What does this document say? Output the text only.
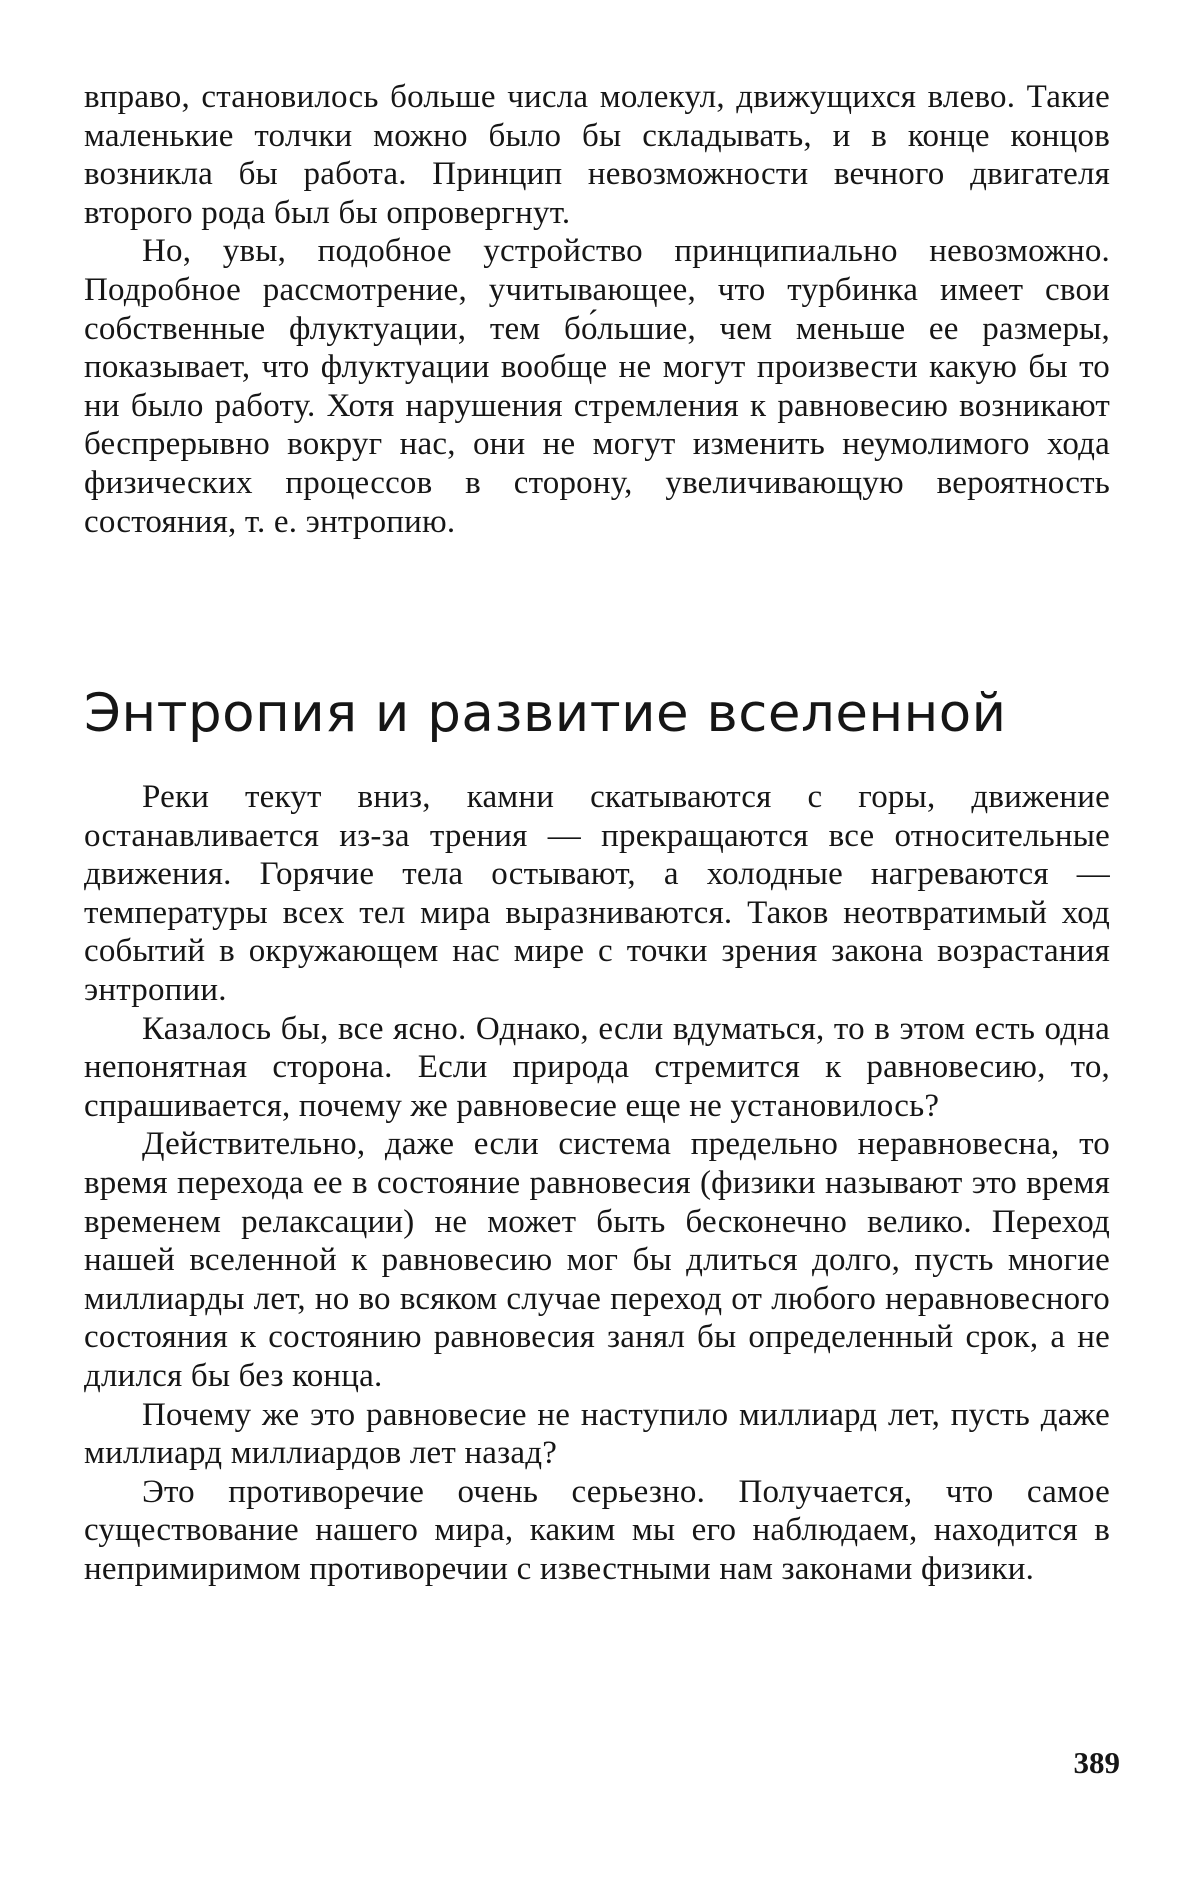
вправо, становилось больше числа молекул, движущихся влево. Такие маленькие толчки можно было бы складывать, и в конце концов возникла бы работа. Принцип невозможности вечного двигателя второго рода был бы опровергнут.

Но, увы, подобное устройство принципиально невозможно. Подробное рассмотрение, учитывающее, что турбинка имеет свои собственные флуктуации, тем бо́льшие, чем меньше ее размеры, показывает, что флуктуации вообще не могут произвести какую бы то ни было работу. Хотя нарушения стремления к равновесию возникают беспрерывно вокруг нас, они не могут изменить неумолимого хода физических процессов в сторону, увеличивающую вероятность состояния, т. е. энтропию.

Энтропия и развитие вселенной

Реки текут вниз, камни скатываются с горы, движение останавливается из-за трения — прекращаются все относительные движения. Горячие тела остывают, а холодные нагреваются — температуры всех тел мира выразниваются. Таков неотвратимый ход событий в окружающем нас мире с точки зрения закона возрастания энтропии.

Казалось бы, все ясно. Однако, если вдуматься, то в этом есть одна непонятная сторона. Если природа стремится к равновесию, то, спрашивается, почему же равновесие еще не установилось?

Действительно, даже если система предельно неравновесна, то время перехода ее в состояние равновесия (физики называют это время временем релаксации) не может быть бесконечно велико. Переход нашей вселенной к равновесию мог бы длиться долго, пусть многие миллиарды лет, но во всяком случае переход от любого неравновесного состояния к состоянию равновесия занял бы определенный срок, а не длился бы без конца.

Почему же это равновесие не наступило миллиард лет, пусть даже миллиард миллиардов лет назад?

Это противоречие очень серьезно. Получается, что самое существование нашего мира, каким мы его наблюдаем, находится в непримиримом противоречии с известными нам законами физики.

389
